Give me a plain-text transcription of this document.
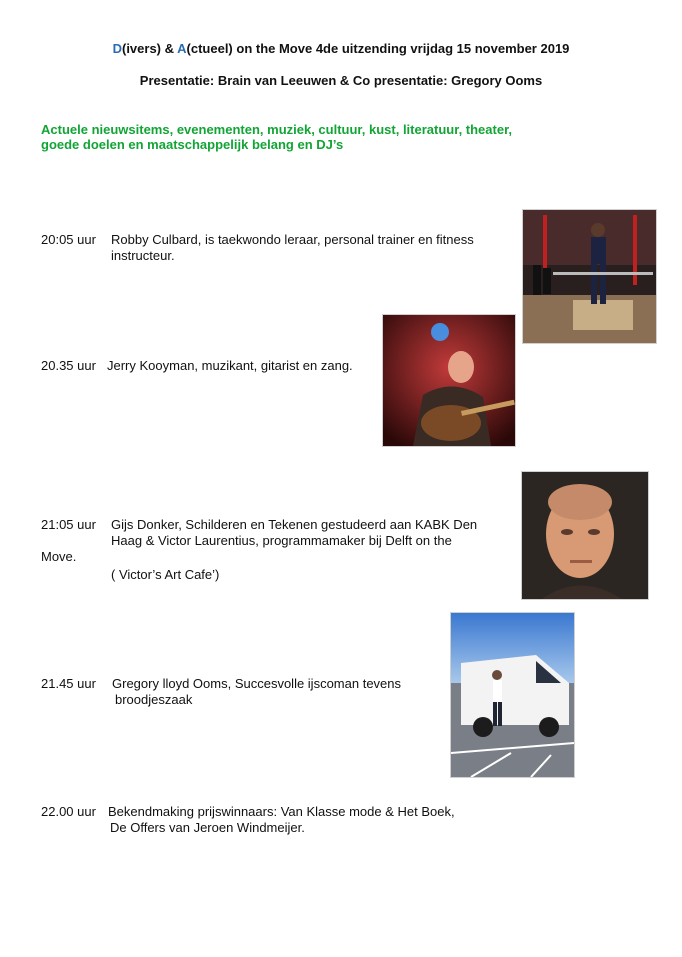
D(ivers) & A(ctueel) on the Move 4de uitzending vrijdag 15 november 2019
Presentatie: Brain van Leeuwen & Co presentatie: Gregory Ooms
Actuele nieuwsitems, evenementen, muziek, cultuur, kust, literatuur, theater,
goede doelen en maatschappelijk belang en DJ’s
20:05 uur Robby Culbard, is taekwondo leraar, personal trainer en fitness
instructeur.
20.35 uur Jerry Kooyman, muzikant, gitarist en zang.
21:05 uur Gijs Donker, Schilderen en Tekenen gestudeerd aan KABK Den
Haag & Victor Laurentius, programmamaker bij Delft on the
Move.
( Victor’s Art Cafe’)
21.45 uur Gregory lloyd Ooms, Succesvolle ijscoman tevens
broodjeszaak
22.00 uur Bekendmaking prijswinnaars: Van Klasse mode & Het Boek,
De Offers van Jeroen Windmeijer.
